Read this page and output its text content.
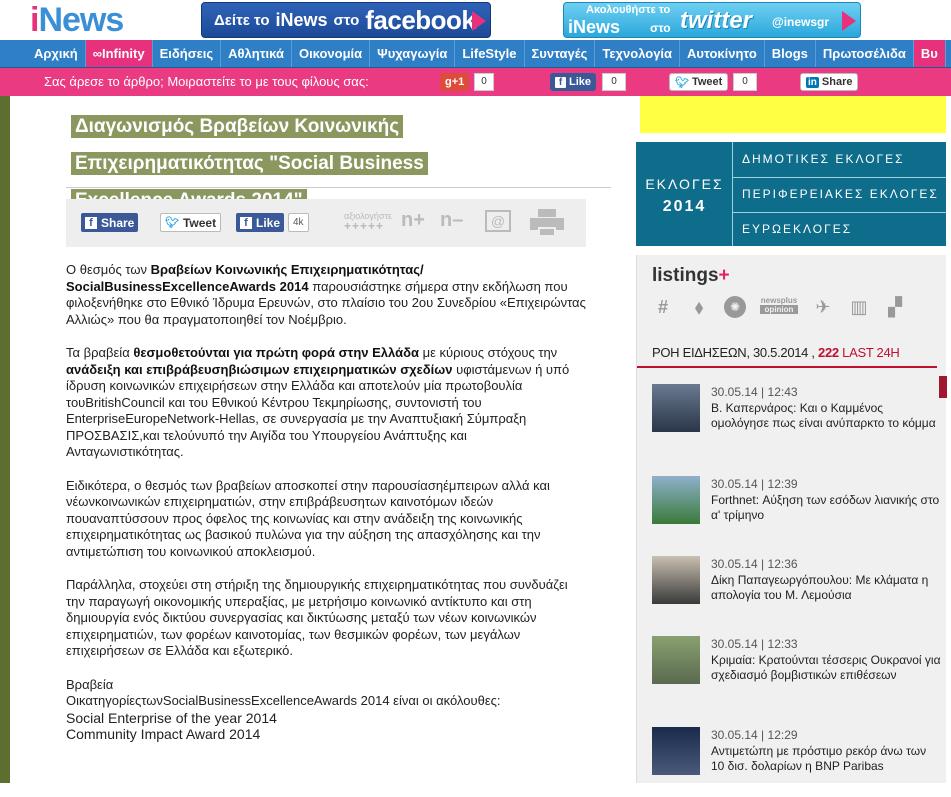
iNews	Δείτε το iNews στο facebook	Ακολουθήστε το
iNews στο twitter @inewsgr
Αρχική	∞Infinity	Ειδήσεις	Αθλητικά	Οικονομία	Ψυχαγωγία	LifeStyle	Συνταγές	Τεχνολογία	Αυτοκίνητο	Blogs	Πρωτοσέλιδα	Βυ
Σας άρεσε το άρθρο; Μοιραστείτε το με τους φίλους σας:	g+1	0	f Like	0	🐦︎ Tweet	0	in Share
Διαγωνισμός Βραβείων Κοινωνικής Επιχειρηματικότητας "Social Business
f Share	🐦︎ Tweet	f Like	4k
αξιολογήστε
+++++ n+ n–	@

Ο θεσμός των Βραβείων Κοινωνικής Επιχειρηματικότητας/ SocialBusinessExcellenceAwards 2014 παρουσιάστηκε σήμερα στην εκδήλωση που φιλοξενήθηκε στο Εθνικό Ίδρυμα Ερευνών, στο πλαίσιο του 2ου Συνεδρίου «Επιχειρώντας Αλλιώς» που θα πραγματοποιηθεί τον Νοέμβριο.

Τα βραβεία θεσμοθετούνται για πρώτη φορά στην Ελλάδα με κύριους στόχους την ανάδειξη και επιβράβευσηβιώσιμων επιχειρηματικών σχεδίων υφιστάμενων ή υπό ίδρυση κοινωνικών επιχειρήσεων στην Ελλάδα και αποτελούν μία πρωτοβουλία τουBritishCouncil και του Εθνικού Κέντρου Τεκμηρίωσης, συντονιστή του EnterpriseEuropeNetwork-Hellas, σε συνεργασία με την Αναπτυξιακή Σύμπραξη ΠΡΟΣΒΑΣΙΣ,και τελούνυπό την Αιγίδα του Υπουργείου Ανάπτυξης και Ανταγωνιστικότητας.

Ειδικότερα, ο θεσμός των βραβείων αποσκοπεί στην παρουσίασηέμπειρων αλλά και νέωνκοινωνικών επιχειρηματιών, στην επιβράβευσητων καινοτόμων ιδεών πουαναπτύσσουν προς όφελος της κοινωνίας και στην ανάδειξη της κοινωνικής επιχειρηματικότητας ως βασικού πυλώνα για την αύξηση της απασχόλησης και την αντιμετώπιση του κοινωνικού αποκλεισμού.

Παράλληλα, στοχεύει στη στήριξη της δημιουργικής επιχειρηματικότητας που συνδυάζει την παραγωγή οικονομικής υπεραξίας, με μετρήσιμο κοινωνικό αντίκτυπο και στη δημιουργία ενός δικτύου συνεργασίας και δικτύωσης μεταξύ των νέων κοινωνικών επιχειρηματιών, των φορέων καινοτομίας, των θεσμικών φορέων, των μεγάλων επιχειρήσεων σε Ελλάδα και εξωτερικό.

Βραβεία
ΟικατηγορίεςτωνSocialBusinessExcellenceAwards 2014 είναι οι ακόλουθες:
Social Enterprise of the year 2014
Community Impact Award 2014
ΕΚΛΟΓΕΣ
2014
ΔΗΜΟΤΙΚΕΣ ΕΚΛΟΓΕΣ
ΠΕΡΙΦΕΡΕΙΑΚΕΣ ΕΚΛΟΓΕΣ
ΕΥΡΩΕΚΛΟΓΕΣ
listings+
#	⬧	✺	newsplus
opinion ✈ ▥ ▞
ΡΟΗ ΕΙΔΗΣΕΩΝ, 30.5.2014 , 222 LAST 24H
30.05.14 | 12:43
Β. Καπερνάρος: Και ο Καμμένος ομολόγησε πως είναι ανύπαρκτο το κόμμα
30.05.14 | 12:39
Forthnet: Αύξηση των εσόδων λιανικής στο α' τρίμηνο
30.05.14 | 12:36
Δίκη Παπαγεωργόπουλου: Με κλάματα η απολογία του Μ. Λεμούσια
30.05.14 | 12:33
Κριμαία: Κρατούνται τέσσερις Ουκρανοί για σχεδιασμό βομβιστικών επιθέσεων
30.05.14 | 12:29
Αντιμετώπη με πρόστιμο ρεκόρ άνω των 10 δισ. δολαρίων η BNP Paribas
